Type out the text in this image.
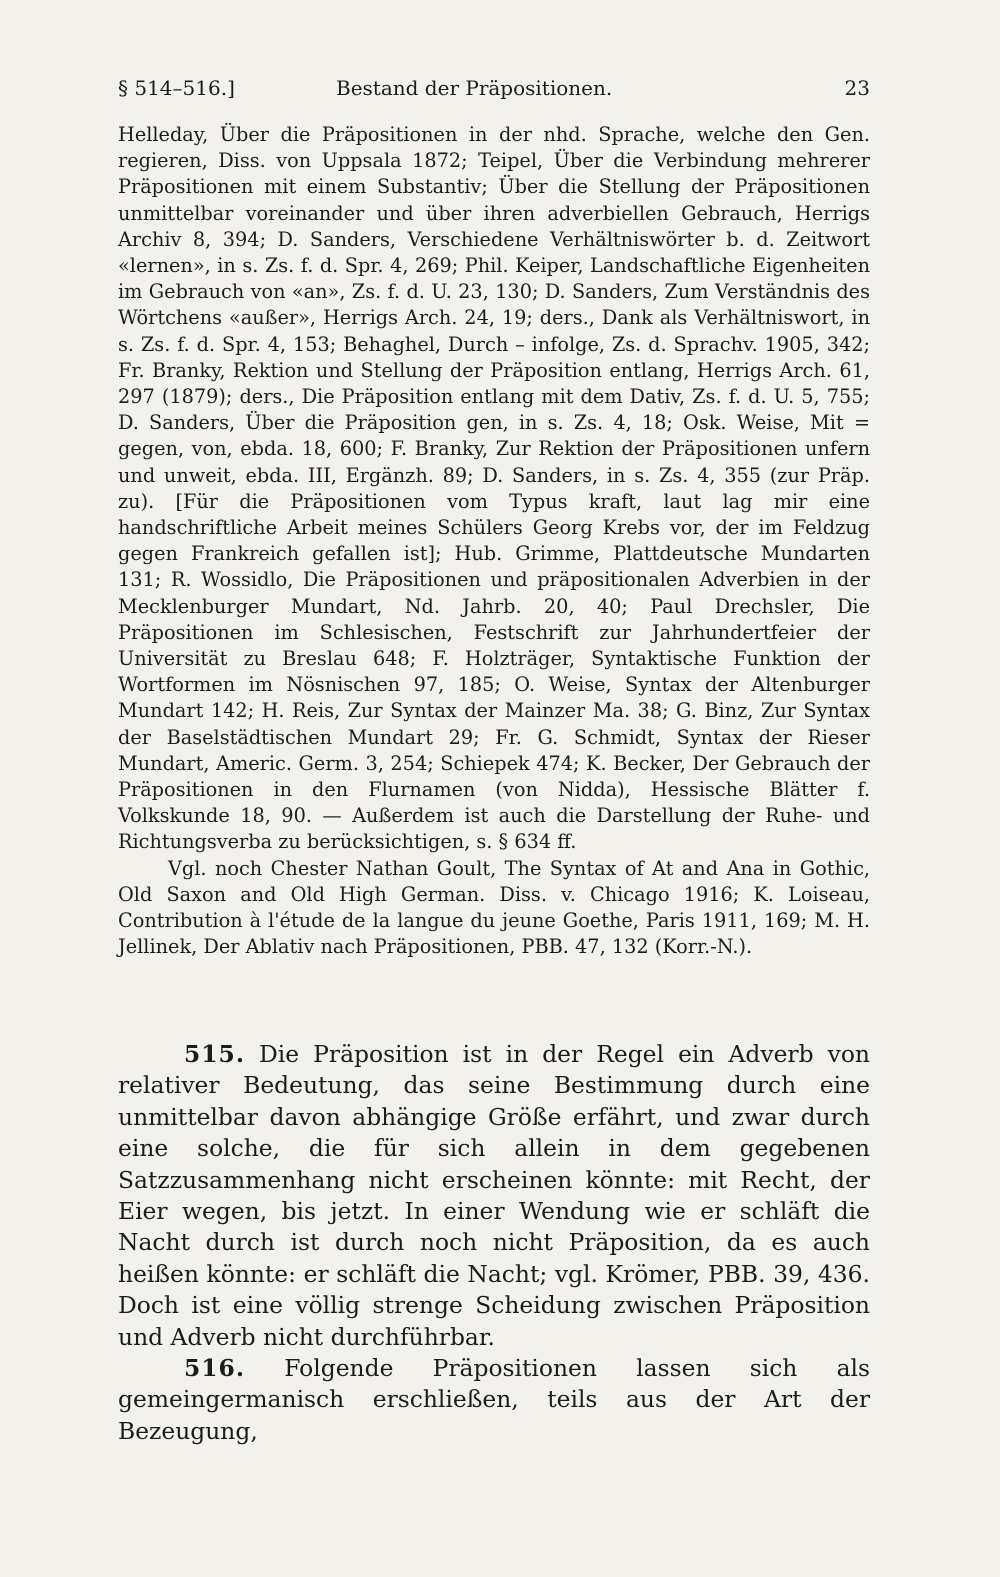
§ 514–516.]	Bestand der Präpositionen.	23

Helleday, Über die Präpositionen in der nhd. Sprache, welche den Gen. regieren, Diss. von Uppsala 1872; Teipel, Über die Verbindung mehrerer Präpositionen mit einem Substantiv; Über die Stellung der Präpositionen unmittelbar voreinander und über ihren adverbiellen Gebrauch, Herrigs Archiv 8, 394; D. Sanders, Verschiedene Verhältniswörter b. d. Zeitwort «lernen», in s. Zs. f. d. Spr. 4, 269; Phil. Keiper, Landschaftliche Eigenheiten im Gebrauch von «an», Zs. f. d. U. 23, 130; D. Sanders, Zum Verständnis des Wörtchens «außer», Herrigs Arch. 24, 19; ders., Dank als Verhältniswort, in s. Zs. f. d. Spr. 4, 153; Behaghel, Durch – infolge, Zs. d. Sprachv. 1905, 342; Fr. Branky, Rektion und Stellung der Präposition entlang, Herrigs Arch. 61, 297 (1879); ders., Die Präposition entlang mit dem Dativ, Zs. f. d. U. 5, 755; D. Sanders, Über die Präposition gen, in s. Zs. 4, 18; Osk. Weise, Mit = gegen, von, ebda. 18, 600; F. Branky, Zur Rektion der Präpositionen unfern und unweit, ebda. III, Ergänzh. 89; D. Sanders, in s. Zs. 4, 355 (zur Präp. zu). [Für die Präpositionen vom Typus kraft, laut lag mir eine handschriftliche Arbeit meines Schülers Georg Krebs vor, der im Feldzug gegen Frankreich gefallen ist]; Hub. Grimme, Plattdeutsche Mundarten 131; R. Wossidlo, Die Präpositionen und präpositionalen Adverbien in der Mecklenburger Mundart, Nd. Jahrb. 20, 40; Paul Drechsler, Die Präpositionen im Schlesischen, Festschrift zur Jahrhundertfeier der Universität zu Breslau 648; F. Holzträger, Syntaktische Funktion der Wortformen im Nösnischen 97, 185; O. Weise, Syntax der Altenburger Mundart 142; H. Reis, Zur Syntax der Mainzer Ma. 38; G. Binz, Zur Syntax der Baselstädtischen Mundart 29; Fr. G. Schmidt, Syntax der Rieser Mundart, Americ. Germ. 3, 254; Schiepek 474; K. Becker, Der Gebrauch der Präpositionen in den Flurnamen (von Nidda), Hessische Blätter f. Volkskunde 18, 90. — Außerdem ist auch die Darstellung der Ruhe- und Richtungsverba zu berücksichtigen, s. § 634 ff.

Vgl. noch Chester Nathan Goult, The Syntax of At and Ana in Gothic, Old Saxon and Old High German. Diss. v. Chicago 1916; K. Loiseau, Contribution à l'étude de la langue du jeune Goethe, Paris 1911, 169; M. H. Jellinek, Der Ablativ nach Präpositionen, PBB. 47, 132 (Korr.-N.).

515. Die Präposition ist in der Regel ein Adverb von relativer Bedeutung, das seine Bestimmung durch eine unmittelbar davon abhängige Größe erfährt, und zwar durch eine solche, die für sich allein in dem gegebenen Satzzusammenhang nicht erscheinen könnte: mit Recht, der Eier wegen, bis jetzt. In einer Wendung wie er schläft die Nacht durch ist durch noch nicht Präposition, da es auch heißen könnte: er schläft die Nacht; vgl. Krömer, PBB. 39, 436. Doch ist eine völlig strenge Scheidung zwischen Präposition und Adverb nicht durchführbar.

516. Folgende Präpositionen lassen sich als gemeingermanisch erschließen, teils aus der Art der Bezeugung,
